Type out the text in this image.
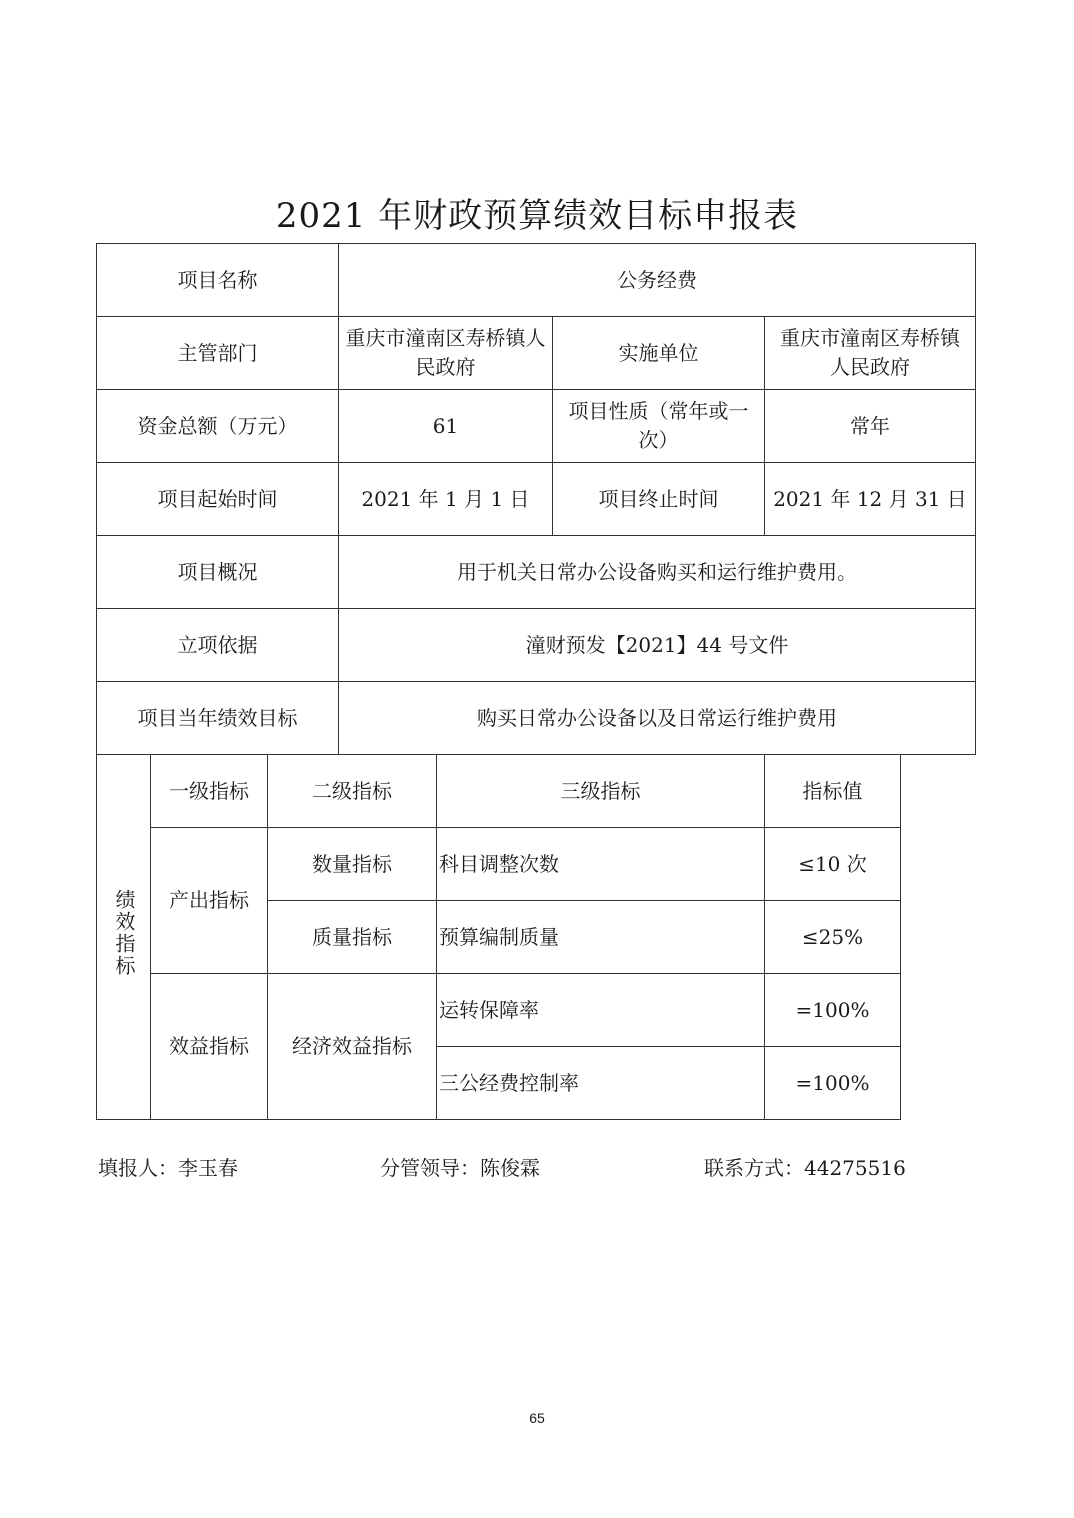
2021 年财政预算绩效目标申报表
项目名称			公务经费			
主管部门			重庆市潼南区寿桥镇人民政府		实施单位	重庆市潼南区寿桥镇人民政府
资金总额（万元）			61		项目性质（常年或一次）	常年
项目起始时间			2021 年 1 月 1 日		项目终止时间	2021 年 12 月 31 日
项目概况			用于机关日常办公设备购买和运行维护费用。			
立项依据			潼财预发【2021】44 号文件			
项目当年绩效目标			购买日常办公设备以及日常运行维护费用			
绩效指标	一级指标	二级指标		三级指标		指标值
	产出指标	数量指标		科目调整次数		≤10 次
		质量指标		预算编制质量		≤25%
	效益指标	经济效益指标		运转保障率		=100%
				三公经费控制率		=100%
填报人：李玉春	分管领导：陈俊霖	联系方式：44275516
65
